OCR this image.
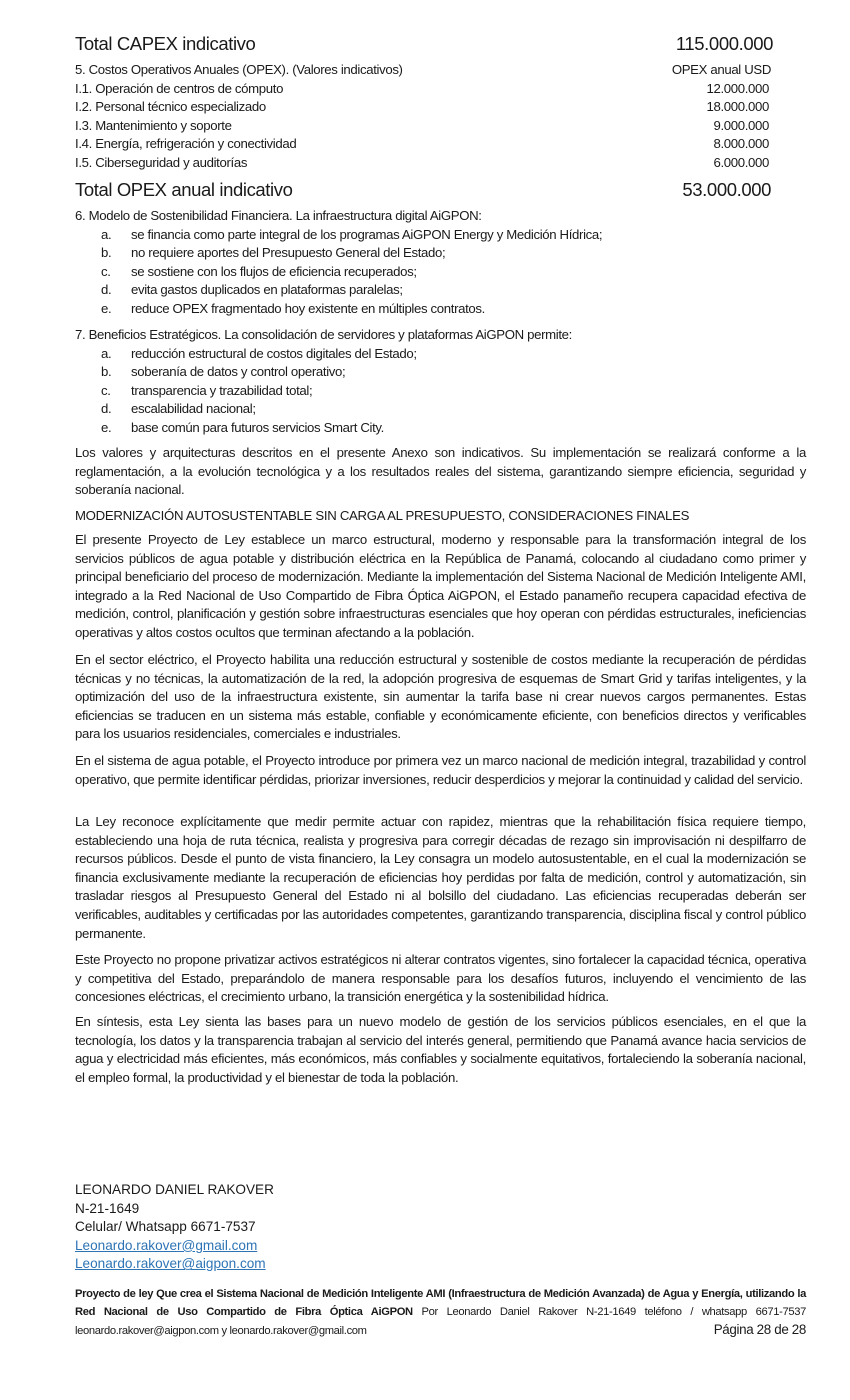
Total CAPEX indicativo	115.000.000
5. Costos Operativos Anuales (OPEX). (Valores indicativos)	OPEX anual USD
I.1. Operación de centros de cómputo	12.000.000
I.2. Personal técnico especializado	18.000.000
I.3. Mantenimiento y soporte	9.000.000
I.4. Energía, refrigeración y conectividad	8.000.000
I.5. Ciberseguridad y auditorías	6.000.000
Total OPEX anual indicativo	53.000.000
6. Modelo de Sostenibilidad Financiera. La infraestructura digital AiGPON:
a.	se financia como parte integral de los programas AiGPON Energy y Medición Hídrica;
b.	no requiere aportes del Presupuesto General del Estado;
c.	se sostiene con los flujos de eficiencia recuperados;
d.	evita gastos duplicados en plataformas paralelas;
e.	reduce OPEX fragmentado hoy existente en múltiples contratos.
7. Beneficios Estratégicos. La consolidación de servidores y plataformas AiGPON permite:
a.	reducción estructural de costos digitales del Estado;
b.	soberanía de datos y control operativo;
c.	transparencia y trazabilidad total;
d.	escalabilidad nacional;
e.	base común para futuros servicios Smart City.

Los valores y arquitecturas descritos en el presente Anexo son indicativos. Su implementación se realizará conforme a la reglamentación, a la evolución tecnológica y a los resultados reales del sistema, garantizando siempre eficiencia, seguridad y soberanía nacional.

MODERNIZACIÓN AUTOSUSTENTABLE SIN CARGA AL PRESUPUESTO, CONSIDERACIONES FINALES

El presente Proyecto de Ley establece un marco estructural, moderno y responsable para la transformación integral de los servicios públicos de agua potable y distribución eléctrica en la República de Panamá, colocando al ciudadano como primer y principal beneficiario del proceso de modernización. Mediante la implementación del Sistema Nacional de Medición Inteligente AMI, integrado a la Red Nacional de Uso Compartido de Fibra Óptica AiGPON, el Estado panameño recupera capacidad efectiva de medición, control, planificación y gestión sobre infraestructuras esenciales que hoy operan con pérdidas estructurales, ineficiencias operativas y altos costos ocultos que terminan afectando a la población.

En el sector eléctrico, el Proyecto habilita una reducción estructural y sostenible de costos mediante la recuperación de pérdidas técnicas y no técnicas, la automatización de la red, la adopción progresiva de esquemas de Smart Grid y tarifas inteligentes, y la optimización del uso de la infraestructura existente, sin aumentar la tarifa base ni crear nuevos cargos permanentes. Estas eficiencias se traducen en un sistema más estable, confiable y económicamente eficiente, con beneficios directos y verificables para los usuarios residenciales, comerciales e industriales.

En el sistema de agua potable, el Proyecto introduce por primera vez un marco nacional de medición integral, trazabilidad y control operativo, que permite identificar pérdidas, priorizar inversiones, reducir desperdicios y mejorar la continuidad y calidad del servicio.

La Ley reconoce explícitamente que medir permite actuar con rapidez, mientras que la rehabilitación física requiere tiempo, estableciendo una hoja de ruta técnica, realista y progresiva para corregir décadas de rezago sin improvisación ni despilfarro de recursos públicos. Desde el punto de vista financiero, la Ley consagra un modelo autosustentable, en el cual la modernización se financia exclusivamente mediante la recuperación de eficiencias hoy perdidas por falta de medición, control y automatización, sin trasladar riesgos al Presupuesto General del Estado ni al bolsillo del ciudadano. Las eficiencias recuperadas deberán ser verificables, auditables y certificadas por las autoridades competentes, garantizando transparencia, disciplina fiscal y control público permanente.

Este Proyecto no propone privatizar activos estratégicos ni alterar contratos vigentes, sino fortalecer la capacidad técnica, operativa y competitiva del Estado, preparándolo de manera responsable para los desafíos futuros, incluyendo el vencimiento de las concesiones eléctricas, el crecimiento urbano, la transición energética y la sostenibilidad hídrica.

En síntesis, esta Ley sienta las bases para un nuevo modelo de gestión de los servicios públicos esenciales, en el que la tecnología, los datos y la transparencia trabajan al servicio del interés general, permitiendo que Panamá avance hacia servicios de agua y electricidad más eficientes, más económicos, más confiables y socialmente equitativos, fortaleciendo la soberanía nacional, el empleo formal, la productividad y el bienestar de toda la población.

LEONARDO DANIEL RAKOVER
N-21-1649
Celular/ Whatsapp 6671-7537
Leonardo.rakover@gmail.com
Leonardo.rakover@aigpon.com
Proyecto de ley Que crea el Sistema Nacional de Medición Inteligente AMI (Infraestructura de Medición Avanzada) de Agua y Energía, utilizando la Red Nacional de Uso Compartido de Fibra Óptica AiGPON Por Leonardo Daniel Rakover N-21-1649 teléfono / whatsapp 6671-7537
leonardo.rakover@aigpon.com y leonardo.rakover@gmail.com	Página 28 de 28
